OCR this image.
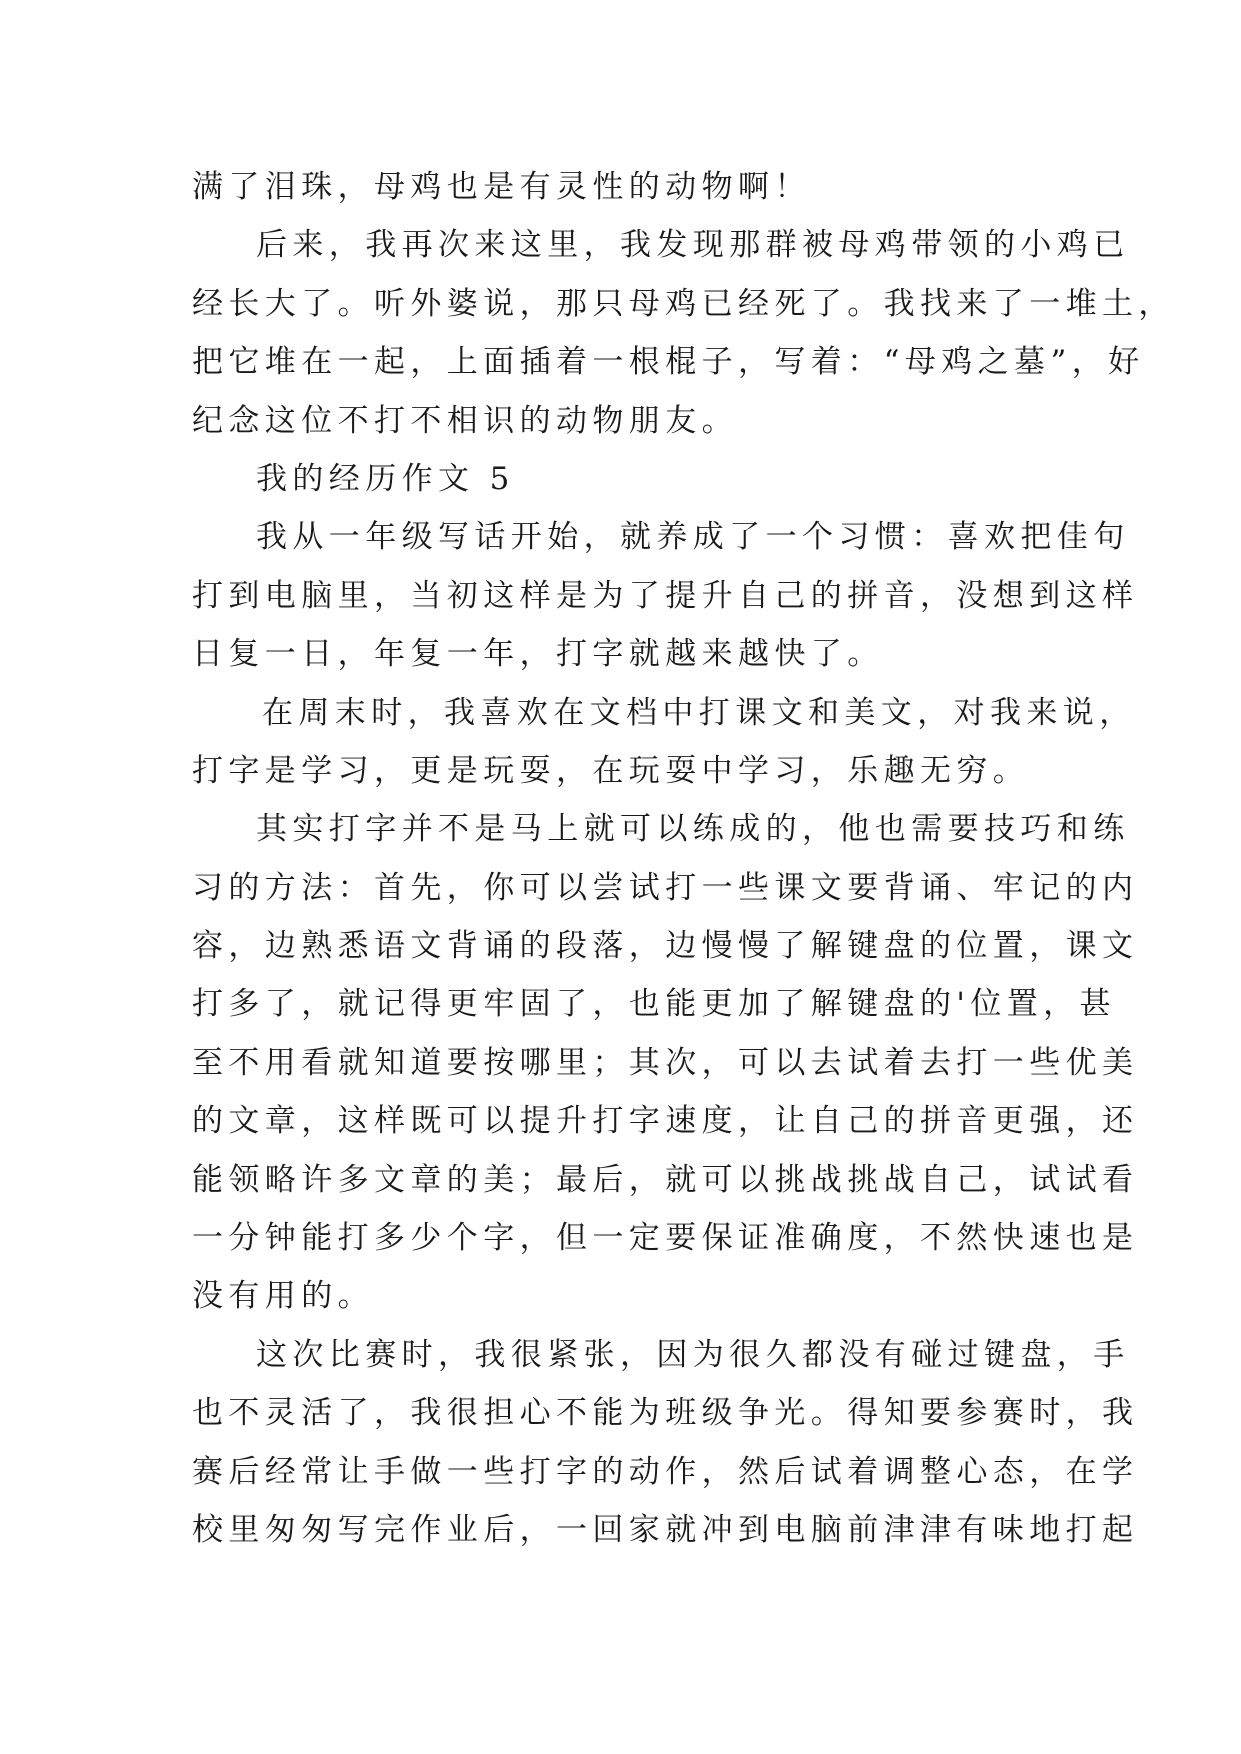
满了泪珠，母鸡也是有灵性的动物啊！
后来，我再次来这里，我发现那群被母鸡带领的小鸡已
经长大了。听外婆说，那只母鸡已经死了。我找来了一堆土，
把它堆在一起，上面插着一根棍子，写着：“母鸡之墓”，好
纪念这位不打不相识的动物朋友。
我的经历作文 5
我从一年级写话开始，就养成了一个习惯：喜欢把佳句
打到电脑里，当初这样是为了提升自己的拼音，没想到这样
日复一日，年复一年，打字就越来越快了。
在周末时，我喜欢在文档中打课文和美文，对我来说，
打字是学习，更是玩耍，在玩耍中学习，乐趣无穷。
其实打字并不是马上就可以练成的，他也需要技巧和练
习的方法：首先，你可以尝试打一些课文要背诵、牢记的内
容，边熟悉语文背诵的段落，边慢慢了解键盘的位置，课文
打多了，就记得更牢固了，也能更加了解键盘的'位置，甚
至不用看就知道要按哪里；其次，可以去试着去打一些优美
的文章，这样既可以提升打字速度，让自己的拼音更强，还
能领略许多文章的美；最后，就可以挑战挑战自己，试试看
一分钟能打多少个字，但一定要保证准确度，不然快速也是
没有用的。
这次比赛时，我很紧张，因为很久都没有碰过键盘，手
也不灵活了，我很担心不能为班级争光。得知要参赛时，我
赛后经常让手做一些打字的动作，然后试着调整心态，在学
校里匆匆写完作业后，一回家就冲到电脑前津津有味地打起
